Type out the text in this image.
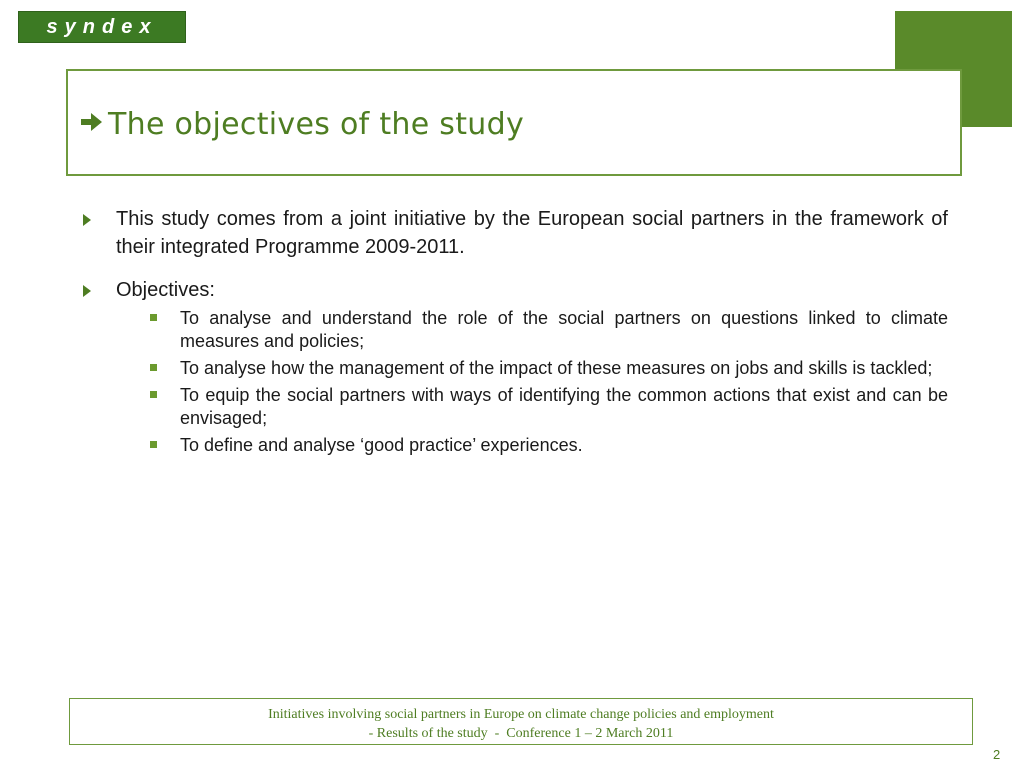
syndex
The objectives of the study
This study comes from a joint initiative by the European social partners in the framework of their integrated Programme 2009-2011.
Objectives:
To analyse and understand the role of the social partners on questions linked to climate measures and policies;
To analyse how the management of the impact of these measures on jobs and skills is tackled;
To equip the social partners with ways of identifying the common actions that exist and can be envisaged;
To define and analyse ‘good practice’ experiences.
Initiatives involving social partners in Europe on climate change policies and employment
- Results of the study  -  Conference 1 – 2 March 2011
2
